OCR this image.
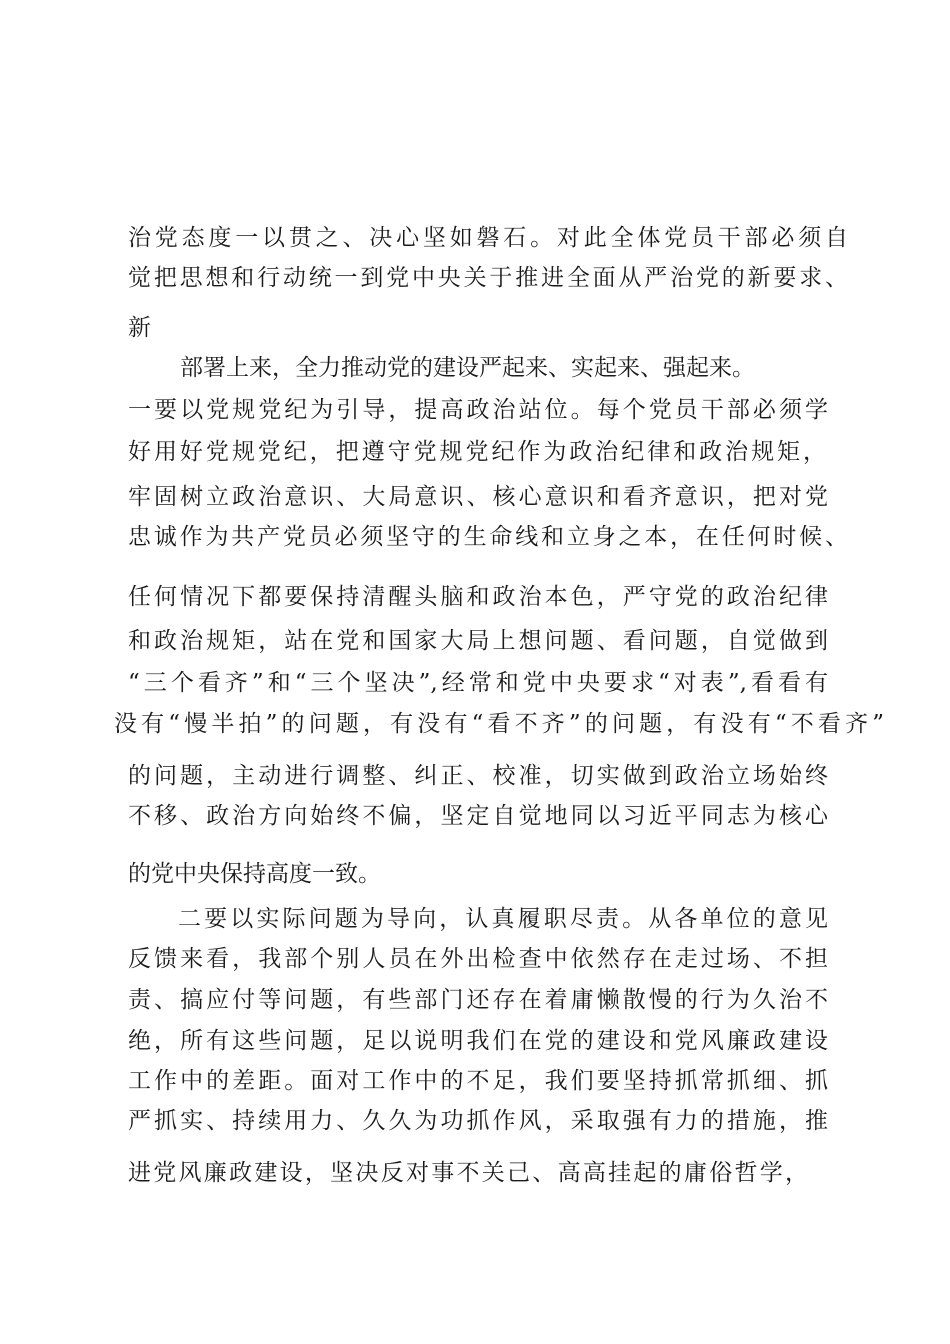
治党态度一以贯之、决心坚如磐石。对此全体党员干部必须自

觉把思想和行动统一到党中央关于推进全面从严治党的新要求、

新

部署上来，全力推动党的建设严起来、实起来、强起来。

一要以党规党纪为引导，提高政治站位。每个党员干部必须学

好用好党规党纪，把遵守党规党纪作为政治纪律和政治规矩，

牢固树立政治意识、大局意识、核心意识和看齐意识，把对党

忠诚作为共产党员必须坚守的生命线和立身之本，在任何时候、

任何情况下都要保持清醒头脑和政治本色，严守党的政治纪律

和政治规矩，站在党和国家大局上想问题、看问题，自觉做到

“三个看齐”和“三个坚决”,经常和党中央要求“对表”,看看有

没有“慢半拍”的问题，有没有“看不齐”的问题，有没有“不看齐”

的问题，主动进行调整、纠正、校准，切实做到政治立场始终

不移、政治方向始终不偏，坚定自觉地同以习近平同志为核心

的党中央保持高度一致。

二要以实际问题为导向，认真履职尽责。从各单位的意见

反馈来看，我部个别人员在外出检查中依然存在走过场、不担

责、搞应付等问题，有些部门还存在着庸懒散慢的行为久治不

绝，所有这些问题，足以说明我们在党的建设和党风廉政建设

工作中的差距。面对工作中的不足，我们要坚持抓常抓细、抓

严抓实、持续用力、久久为功抓作风，采取强有力的措施，推

进党风廉政建设，坚决反对事不关己、高高挂起的庸俗哲学，
